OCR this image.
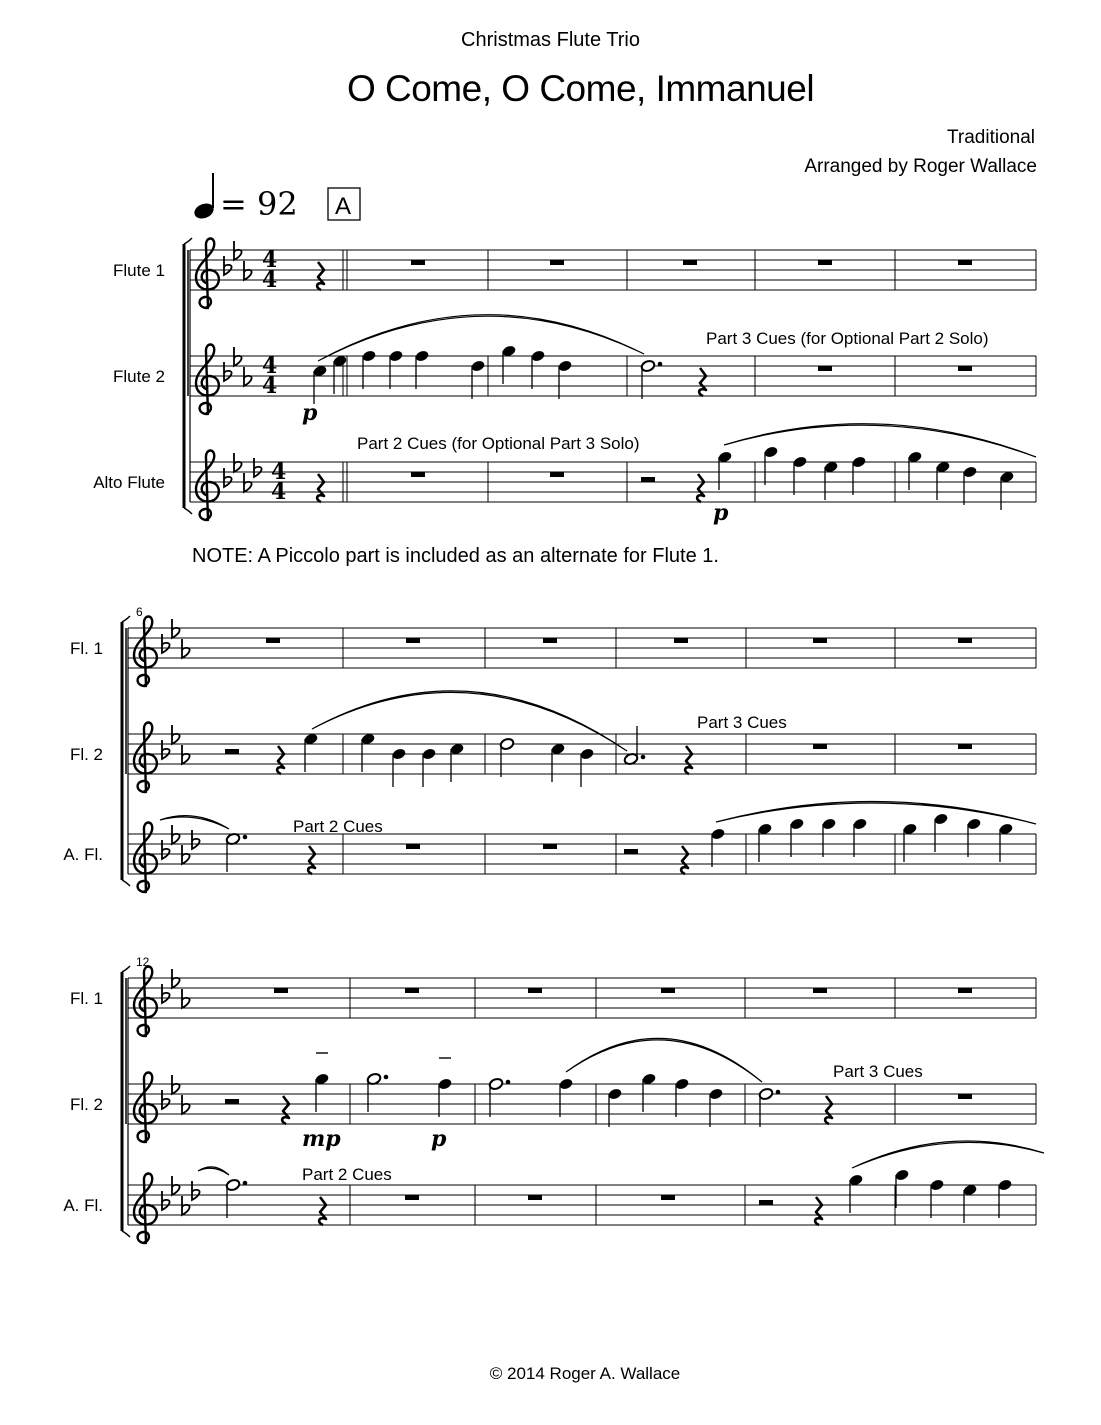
Christmas Flute Trio
O Come, O Come, Immanuel
Traditional
Arranged by Roger Wallace
NOTE: A Piccolo part is included as an alternate for Flute 1.
© 2014 Roger A. Wallace
= 92 A
4
4
4
4
4
4
Flute 1
Flute 2
Alto Flute
p
Part 3 Cues (for Optional Part 2 Solo)
p
Part 2 Cues (for Optional Part 3 Solo)
Fl. 1
Fl. 2
A. Fl.
6
Part 3 Cues
Part 2 Cues
Fl. 1
Fl. 2
A. Fl.
12
mp	p
Part 3 Cues
Part 2 Cues
